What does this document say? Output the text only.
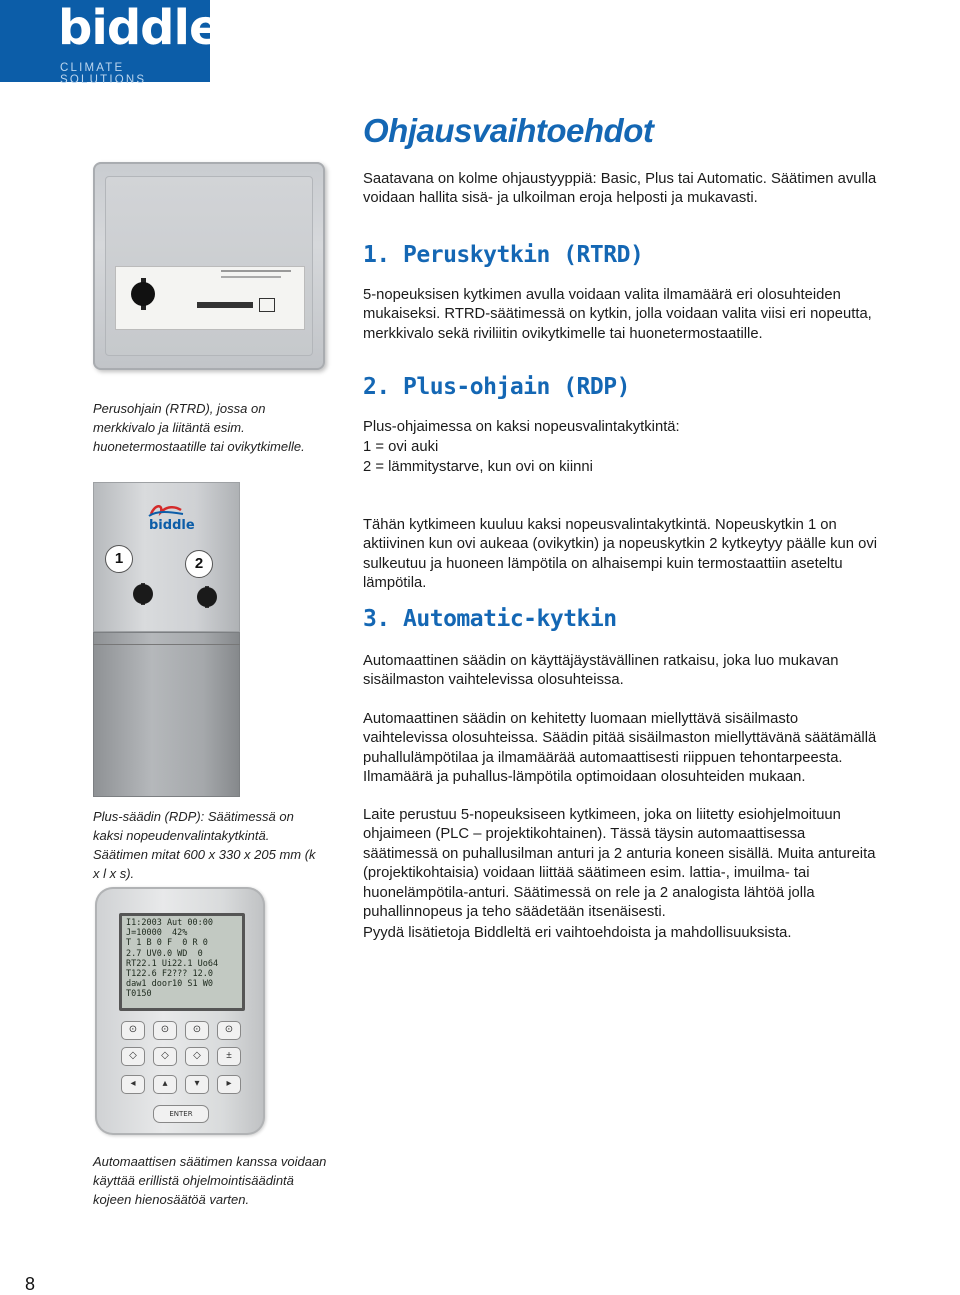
biddle
CLIMATE SOLUTIONS
Ohjausvaihtoehdot

Saatavana on kolme ohjaustyyppiä: Basic, Plus tai Automatic. Säätimen avulla voidaan hallita sisä- ja ulkoilman eroja helposti ja mukavasti.

1. Peruskytkin (RTRD)

5-nopeuksisen kytkimen avulla voidaan valita ilmamäärä eri olosuhteiden mukaiseksi. RTRD-säätimessä on kytkin, jolla voidaan valita viisi eri nopeutta, merkkivalo sekä riviliitin ovikytkimelle tai huonetermostaatille.

Perusohjain (RTRD), jossa on merkkivalo ja liitäntä esim. huonetermostaatille tai ovikytkimelle.

2. Plus-ohjain (RDP)

Plus-ohjaimessa on kaksi nopeusvalintakytkintä:

1 = ovi auki

2 = lämmitystarve, kun ovi on kiinni

Tähän kytkimeen kuuluu kaksi nopeusvalintakytkintä. Nopeuskytkin 1 on aktiivinen kun ovi aukeaa (ovikytkin) ja nopeuskytkin 2 kytkeytyy päälle kun ovi sulkeutuu ja huoneen lämpötila on alhaisempi kuin termostaattiin aseteltu lämpötila.

biddle
1	2

Plus-säädin (RDP): Säätimessä on kaksi nopeudenvalintakytkintä. Säätimen mitat 600 x 330 x 205 mm (k x l x s).

3. Automatic-kytkin

Automaattinen säädin on käyttäjäystävällinen ratkaisu, joka luo mukavan sisäilmaston vaihtelevissa olosuhteissa.

Automaattinen säädin on kehitetty luomaan miellyttävä sisäilmasto vaihtelevissa olosuhteissa. Säädin pitää sisäilmaston miellyttävänä säätämällä puhallulämpötilaa ja ilmamäärää automaattisesti riippuen tehontarpeesta. Ilmamäärä ja puhallus-lämpötila optimoidaan olosuhteiden mukaan.

Laite perustuu 5-nopeuksiseen kytkimeen, joka on liitetty esiohjelmoituun ohjaimeen (PLC – projektikohtainen). Tässä täysin automaattisessa säätimessä on puhallusilman anturi ja 2 anturia koneen sisällä. Muita antureita (projektikohtaisia) voidaan liittää säätimeen esim. lattia-, imuilma- tai huonelämpötila-anturi. Säätimessä on rele ja 2 analogista lähtöä jolla puhallinnopeus ja teho säädetään itsenäisesti.

Pyydä lisätietoja Biddleltä eri vaihtoehdoista ja mahdollisuuksista.

I1:2003 Aut 00:00
J=10000  42%
T 1 B 0 F  0 R 0
2.7 UV0.0 WD  0
RT22.1 Ui22.1 Uo64
T122.6 F2??? 12.0
daw1 door10 S1 W0
T0150
⊙	⊙	⊙	⊙
◇	◇	◇	±
◂	▴	▾	▸
ENTER

Automaattisen säätimen kanssa voidaan käyttää erillistä ohjelmointisäädintä kojeen hienosäätöä varten.

8
